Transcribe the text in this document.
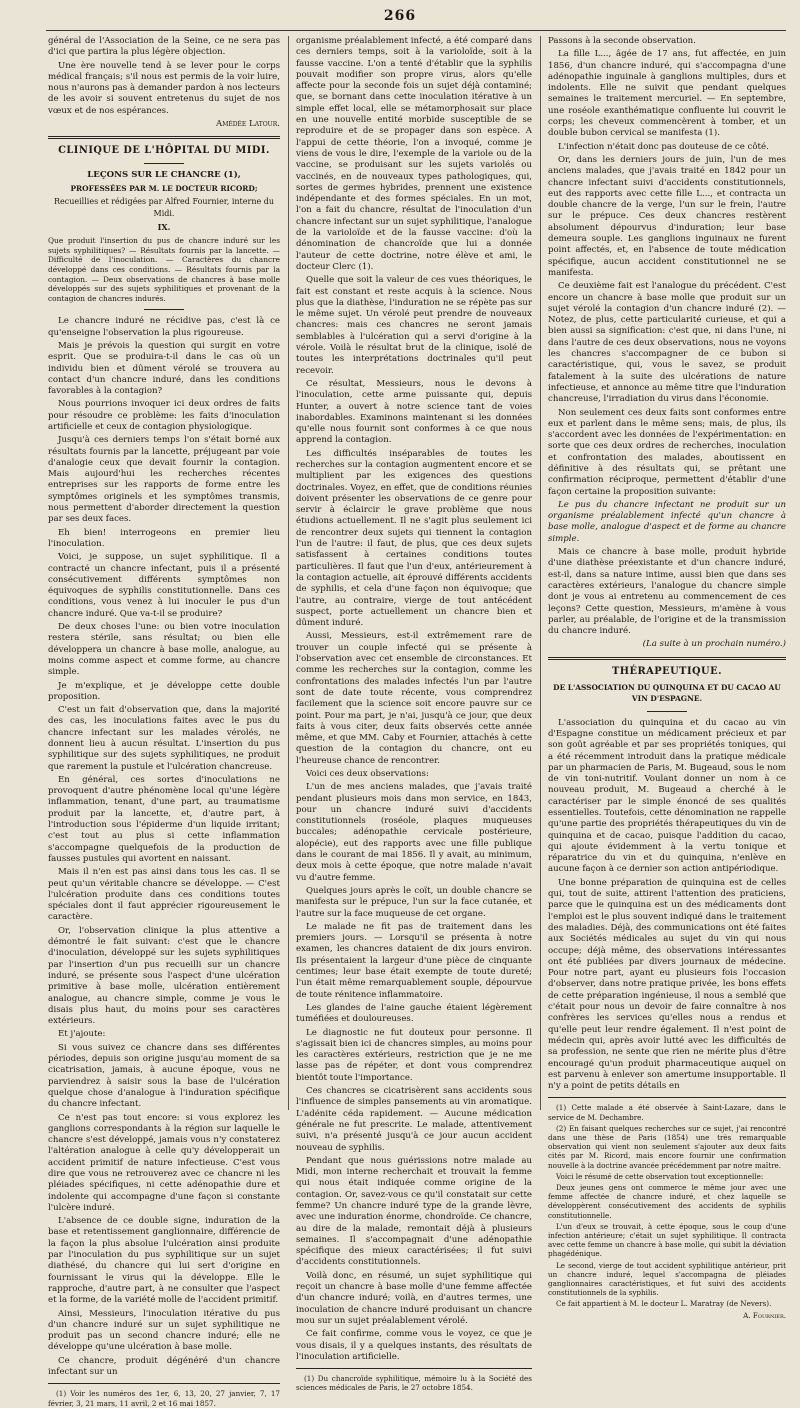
266

général de l'Association de la Seine, ce ne sera pas d'ici que partira la plus légère objection.

Une ère nouvelle tend à se lever pour le corps médical français; s'il nous est permis de la voir luire, nous n'aurons pas à demander pardon à nos lecteurs de les avoir si souvent entretenus du sujet de nos vœux et de nos espérances.

Amédée Latour.
CLINIQUE DE L'HÔPITAL DU MIDI.
LEÇONS SUR LE CHANCRE (1),
PROFESSÉES PAR M. LE DOCTEUR RICORD;
Recueillies et rédigées par Alfred Fournier, interne du Midi.
IX.
Que produit l'insertion du pus de chancre induré sur les sujets syphilitiques? — Résultats fournis par la lancette. — Difficulté de l'inoculation. — Caractères du chancre développé dans ces conditions. — Résultats fournis par la contagion. — Deux observations de chancres à base molle développés sur des sujets syphilitiques et provenant de la contagion de chancres indurés.

Le chancre induré ne récidive pas, c'est là ce qu'enseigne l'observation la plus rigoureuse.

Mais je prévois la question qui surgit en votre esprit. Que se produira-t-il dans le cas où un individu bien et dûment vérolé se trouvera au contact d'un chancre induré, dans les conditions favorables à la contagion?

Nous pourrions invoquer ici deux ordres de faits pour résoudre ce problème: les faits d'inoculation artificielle et ceux de contagion physiologique.

Jusqu'à ces derniers temps l'on s'était borné aux résultats fournis par la lancette, préjugeant par voie d'analogie ceux que devait fournir la contagion. Mais aujourd'hui les recherches récentes entreprises sur les rapports de forme entre les symptômes originels et les symptômes transmis, nous permettent d'aborder directement la question par ses deux faces.

Eh bien! interrogeons en premier lieu l'inoculation.

Voici, je suppose, un sujet syphilitique. Il a contracté un chancre infectant, puis il a présenté consécutivement différents symptômes non équivoques de syphilis constitutionnelle. Dans ces conditions, vous venez à lui inoculer le pus d'un chancre induré. Que va-t-il se produire?

De deux choses l'une: ou bien votre inoculation restera stérile, sans résultat; ou bien elle développera un chancre à base molle, analogue, au moins comme aspect et comme forme, au chancre simple.

Je m'explique, et je développe cette double proposition.

C'est un fait d'observation que, dans la majorité des cas, les inoculations faites avec le pus du chancre infectant sur les malades vérolés, ne donnent lieu à aucun résultat. L'insertion du pus syphilitique sur des sujets syphilitiques, ne produit que rarement la pustule et l'ulcération chancreuse.

En général, ces sortes d'inoculations ne provoquent d'autre phénomène local qu'une légère inflammation, tenant, d'une part, au traumatisme produit par la lancette, et, d'autre part, à l'introduction sous l'épiderme d'un liquide irritant; c'est tout au plus si cette inflammation s'accompagne quelquefois de la production de fausses pustules qui avortent en naissant.

Mais il n'en est pas ainsi dans tous les cas. Il se peut qu'un véritable chancre se développe. — C'est l'ulcération produite dans ces conditions toutes spéciales dont il faut apprécier rigoureusement le caractère.

Or, l'observation clinique la plus attentive a démontré le fait suivant: c'est que le chancre d'inoculation, développé sur les sujets syphilitiques par l'insertion d'un pus recueilli sur un chancre induré, se présente sous l'aspect d'une ulcération primitive à base molle, ulcération entièrement analogue, au chancre simple, comme je vous le disais plus haut, du moins pour ses caractères extérieurs.

Et j'ajoute:

Si vous suivez ce chancre dans ses différentes périodes, depuis son origine jusqu'au moment de sa cicatrisation, jamais, à aucune époque, vous ne parviendrez à saisir sous la base de l'ulcération quelque chose d'analogue à l'induration spécifique du chancre infectant.

Ce n'est pas tout encore: si vous explorez les ganglions correspondants à la région sur laquelle le chancre s'est développé, jamais vous n'y constaterez l'altération analogue à celle qu'y développerait un accident primitif de nature infectieuse. C'est vous dire que vous ne retrouverez avec ce chancre ni les pléiades spécifiques, ni cette adénopathie dure et indolente qui accompagne d'une façon si constante l'ulcère induré.

L'absence de ce double signe, induration de la base et retentissement ganglionnaire, différencie de la façon la plus absolue l'ulcération ainsi produite par l'inoculation du pus syphilitique sur un sujet diathésé, du chancre qui lui sert d'origine en fournissant le virus qui la développe. Elle le rapproche, d'autre part, à ne consulter que l'aspect et la forme, de la variété molle de l'accident primitif.

Ainsi, Messieurs, l'inoculation itérative du pus d'un chancre induré sur un sujet syphilitique ne produit pas un second chancre induré; elle ne développe qu'une ulcération à base molle.

Ce chancre, produit dégénéré d'un chancre infectant sur un

(1) Voir les numéros des 1er, 6, 13, 20, 27 janvier, 7, 17 février, 3, 21 mars, 11 avril, 2 et 16 mai 1857.

organisme préalablement infecté, a été comparé dans ces derniers temps, soit à la varioloïde, soit à la fausse vaccine. L'on a tenté d'établir que la syphilis pouvait modifier son propre virus, alors qu'elle affecte pour la seconde fois un sujet déjà contaminé; que, se bornant dans cette inoculation itérative à un simple effet local, elle se métamorphosait sur place en une nouvelle entité morbide susceptible de se reproduire et de se propager dans son espèce. A l'appui de cette théorie, l'on a invoqué, comme je viens de vous le dire, l'exemple de la variole ou de la vaccine, se produisant sur les sujets variolés ou vaccinés, en de nouveaux types pathologiques, qui, sortes de germes hybrides, prennent une existence indépendante et des formes spéciales. En un mot, l'on a fait du chancre, résultat de l'inoculation d'un chancre infectant sur un sujet syphilitique, l'analogue de la varioloïde et de la fausse vaccine: d'où la dénomination de chancroïde que lui a donnée l'auteur de cette doctrine, notre élève et ami, le docteur Clerc (1).

Quelle que soit la valeur de ces vues théoriques, le fait est constant et reste acquis à la science. Nous plus que la diathèse, l'induration ne se répète pas sur le même sujet. Un vérolé peut prendre de nouveaux chancres: mais ces chancres ne seront jamais semblables à l'ulcération qui a servi d'origine à la vérole. Voilà le résultat brut de la clinique, isolé de toutes les interprétations doctrinales qu'il peut recevoir.

Ce résultat, Messieurs, nous le devons à l'inoculation, cette arme puissante qui, depuis Hunter, a ouvert à notre science tant de voies inabordables. Examinons maintenant si les données qu'elle nous fournit sont conformes à ce que nous apprend la contagion.

Les difficultés inséparables de toutes les recherches sur la contagion augmentent encore et se multiplient par les exigences des questions doctrinales. Voyez, en effet, que de conditions réunies doivent présenter les observations de ce genre pour servir à éclaircir le grave problème que nous étudions actuellement. Il ne s'agit plus seulement ici de rencontrer deux sujets qui tiennent la contagion l'un de l'autre: il faut, de plus, que ces deux sujets satisfassent à certaines conditions toutes particulières. Il faut que l'un d'eux, antérieurement à la contagion actuelle, ait éprouvé différents accidents de syphilis, et cela d'une façon non équivoque; que l'autre, au contraire, vierge de tout antécédent suspect, porte actuellement un chancre bien et dûment induré.

Aussi, Messieurs, est-il extrêmement rare de trouver un couple infecté qui se présente à l'observation avec cet ensemble de circonstances. Et comme les recherches sur la contagion, comme les confrontations des malades infectés l'un par l'autre sont de date toute récente, vous comprendrez facilement que la science soit encore pauvre sur ce point. Pour ma part, je n'ai, jusqu'à ce jour, que deux faits à vous citer, deux faits observés cette année même, et que MM. Caby et Fournier, attachés à cette question de la contagion du chancre, ont eu l'heureuse chance de rencontrer.

Voici ces deux observations:

L'un de mes anciens malades, que j'avais traité pendant plusieurs mois dans mon service, en 1843, pour un chancre induré suivi d'accidents constitutionnels (roséole, plaques muqueuses buccales; adénopathie cervicale postérieure, alopécie), eut des rapports avec une fille publique dans le courant de mai 1856. Il y avait, au minimum, deux mois à cette époque, que notre malade n'avait vu d'autre femme.

Quelques jours après le coït, un double chancre se manifesta sur le prépuce, l'un sur la face cutanée, et l'autre sur la face muqueuse de cet organe.

Le malade ne fit pas de traitement dans les premiers jours. — Lorsqu'il se présenta à notre examen, les chancres dataient de dix jours environ. Ils présentaient la largeur d'une pièce de cinquante centimes; leur base était exempte de toute dureté; l'un était même remarquablement souple, dépourvue de toute rénitence inflammatoire.

Les glandes de l'aine gauche étaient légèrement tuméfiées et douloureuses.

Le diagnostic ne fut douteux pour personne. Il s'agissait bien ici de chancres simples, au moins pour les caractères extérieurs, restriction que je ne me lasse pas de répéter, et dont vous comprendrez bientôt toute l'importance.

Ces chancres se cicatrisèrent sans accidents sous l'influence de simples pansements au vin aromatique. L'adénite céda rapidement. — Aucune médication générale ne fut prescrite. Le malade, attentivement suivi, n'a présenté jusqu'à ce jour aucun accident nouveau de syphilis.

Pendant que nous guérissions notre malade au Midi, mon interne recherchait et trouvait la femme qui nous était indiquée comme origine de la contagion. Or, savez-vous ce qu'il constatait sur cette femme? Un chancre induré type de la grande lèvre, avec une induration énorme, chondroïde. Ce chancre, au dire de la malade, remontait déjà à plusieurs semaines. Il s'accompagnait d'une adénopathie spécifique des mieux caractérisées; il fut suivi d'accidents constitutionnels.

Voilà donc, en résumé, un sujet syphilitique qui reçoit un chancre à base molle d'une femme affectée d'un chancre induré; voilà, en d'autres termes, une inoculation de chancre induré produisant un chancre mou sur un sujet préalablement vérolé.

Ce fait confirme, comme vous le voyez, ce que je vous disais, il y a quelques instants, des résultats de l'inoculation artificielle.

(1) Du chancroïde syphilitique, mémoire lu à la Société des sciences médicales de Paris, le 27 octobre 1854.

Passons à la seconde observation.

La fille L..., âgée de 17 ans, fut affectée, en juin 1856, d'un chancre induré, qui s'accompagna d'une adénopathie inguinale à ganglions multiples, durs et indolents. Elle ne suivit que pendant quelques semaines le traitement mercuriel. — En septembre, une roséole exanthématique confluente lui couvrit le corps; les cheveux commencèrent à tomber, et un double bubon cervical se manifesta (1).

L'infection n'était donc pas douteuse de ce côté.

Or, dans les derniers jours de juin, l'un de mes anciens malades, que j'avais traité en 1842 pour un chancre infectant suivi d'accidents constitutionnels, eut des rapports avec cette fille L..., et contracta un double chancre de la verge, l'un sur le frein, l'autre sur le prépuce. Ces deux chancres restèrent absolument dépourvus d'induration; leur base demeura souple. Les ganglions inguinaux ne furent point affectés, et, en l'absence de toute médication spécifique, aucun accident constitutionnel ne se manifesta.

Ce deuxième fait est l'analogue du précédent. C'est encore un chancre à base molle que produit sur un sujet vérolé la contagion d'un chancre induré (2). — Notez, de plus, cette particularité curieuse, et qui a bien aussi sa signification: c'est que, ni dans l'une, ni dans l'autre de ces deux observations, nous ne voyons les chancres s'accompagner de ce bubon si caractéristique, qui, vous le savez, se produit fatalement à la suite des ulcérations de nature infectieuse, et annonce au même titre que l'induration chancreuse, l'irradiation du virus dans l'économie.

Non seulement ces deux faits sont conformes entre eux et parlent dans le même sens; mais, de plus, ils s'accordent avec les données de l'expérimentation: en sorte que ces deux ordres de recherches, inoculation et confrontation des malades, aboutissent en définitive à des résultats qui, se prêtant une confirmation réciproque, permettent d'établir d'une façon certaine la proposition suivante:

Le pus du chancre infectant ne produit sur un organisme préalablement infecté qu'un chancre à base molle, analogue d'aspect et de forme au chancre simple.

Mais ce chancre à base molle, produit hybride d'une diathèse préexistante et d'un chancre induré, est-il, dans sa nature intime, aussi bien que dans ses caractères extérieurs, l'analogue du chancre simple dont je vous ai entretenu au commencement de ces leçons? Cette question, Messieurs, m'amène à vous parler, au préalable, de l'origine et de la transmission du chancre induré.

(La suite à un prochain numéro.)
THÉRAPEUTIQUE.
DE L'ASSOCIATION DU QUINQUINA ET DU CACAO AU VIN D'ESPAGNE.

L'association du quinquina et du cacao au vin d'Espagne constitue un médicament précieux et par son goût agréable et par ses propriétés toniques, qui a été récemment introduit dans la pratique médicale par un pharmacien de Paris, M. Bugeaud, sous le nom de vin toni-nutritif. Voulant donner un nom à ce nouveau produit, M. Bugeaud a cherché à le caractériser par le simple énoncé de ses qualités essentielles. Toutefois, cette dénomination ne rappelle qu'une partie des propriétés thérapeutiques du vin de quinquina et de cacao, puisque l'addition du cacao, qui ajoute évidemment à la vertu tonique et réparatrice du vin et du quinquina, n'enlève en aucune façon à ce dernier son action antipériodique.

Une bonne préparation de quinquina est de celles qui, tout de suite, attirent l'attention des praticiens, parce que le quinquina est un des médicaments dont l'emploi est le plus souvent indiqué dans le traitement des maladies. Déjà, des communications ont été faites aux Sociétés médicales au sujet du vin qui nous occupe; déjà même, des observations intéressantes ont été publiées par divers journaux de médecine. Pour notre part, ayant eu plusieurs fois l'occasion d'observer, dans notre pratique privée, les bons effets de cette préparation ingénieuse, il nous a semblé que c'était pour nous un devoir de faire connaître à nos confrères les services qu'elles nous a rendus et qu'elle peut leur rendre également. Il n'est point de médecin qui, après avoir lutté avec les difficultés de sa profession, ne sente que rien ne mérite plus d'être encouragé qu'un produit pharmaceutique auquel on est parvenu à enlever son amertume insupportable. Il n'y a point de petits détails en

(1) Cette malade a été observée à Saint-Lazare, dans le service de M. Dechambre.

(2) En faisant quelques recherches sur ce sujet, j'ai rencontré dans une thèse de Paris (1854) une très remarquable observation qui vient non seulement s'ajouter aux deux faits cités par M. Ricord, mais encore fournir une confirmation nouvelle à la doctrine avancée précédemment par notre maître.

Voici le résumé de cette observation tout exceptionnelle:

Deux jeunes gens ont commerce le même jour avec une femme affectée de chancre induré, et chez laquelle se développèrent consécutivement des accidents de syphilis constitutionnelle.

L'un d'eux se trouvait, à cette époque, sous le coup d'une infection antérieure; c'était un sujet syphilitique. Il contracta avec cette femme un chancre à base molle, qui subit la déviation phagédénique.

Le second, vierge de tout accident syphilitique antérieur, prit un chancre induré, lequel s'accompagna de pléiades ganglionnaires caractéristiques, et fut suivi des accidents constitutionnels de la syphilis.

Ce fait appartient à M. le docteur L. Maratray (de Nevers).

A. Fournier.
